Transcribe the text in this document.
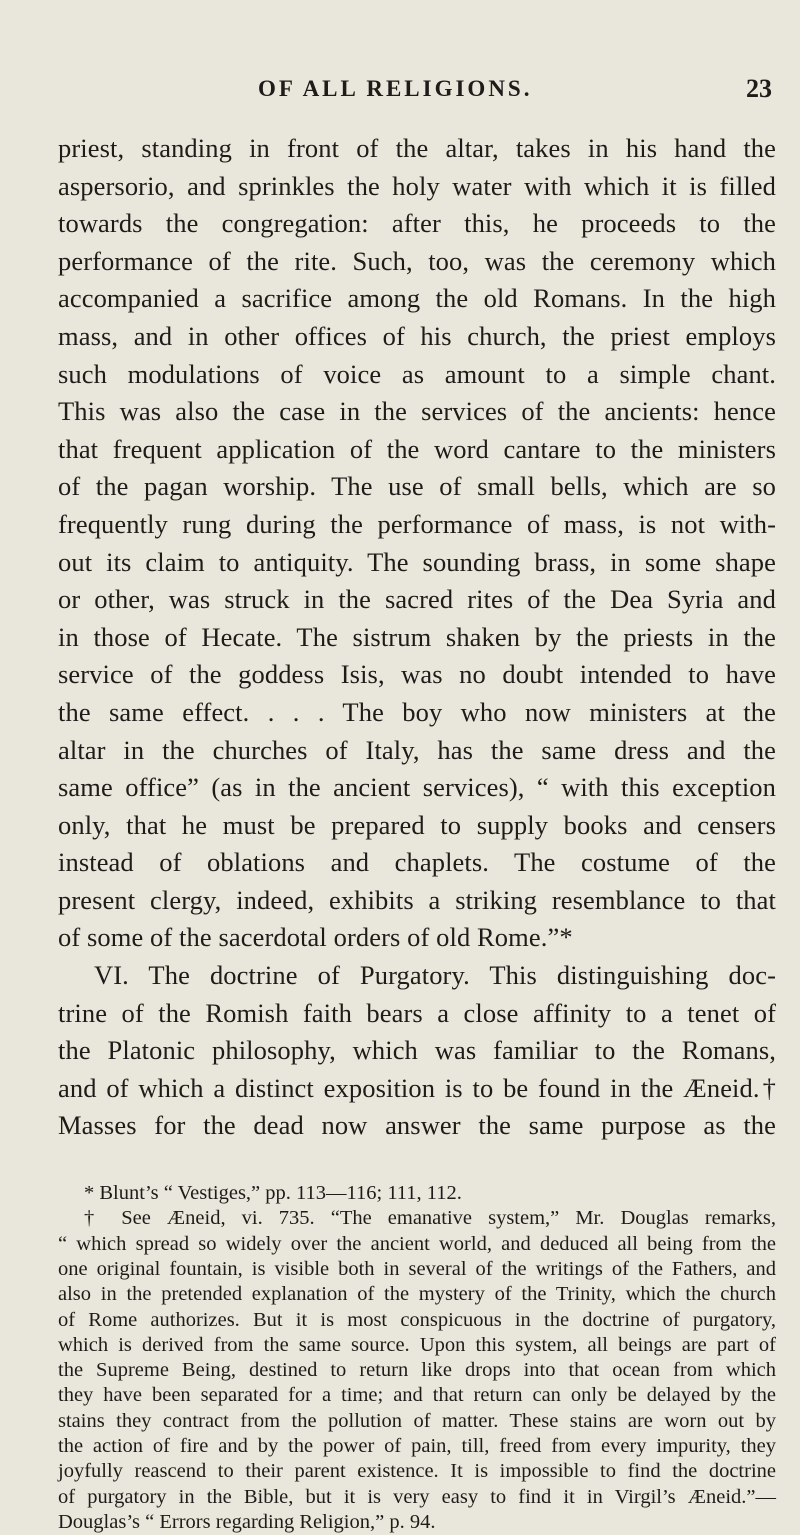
OF ALL RELIGIONS.	23
priest, standing in front of the altar, takes in his hand the
aspersorio, and sprinkles the holy water with which it is filled
towards the congregation: after this, he proceeds to the
performance of the rite. Such, too, was the ceremony which
accompanied a sacrifice among the old Romans. In the high
mass, and in other offices of his church, the priest employs
such modulations of voice as amount to a simple chant.
This was also the case in the services of the ancients: hence
that frequent application of the word cantare to the ministers
of the pagan worship. The use of small bells, which are so
frequently rung during the performance of mass, is not with-
out its claim to antiquity. The sounding brass, in some shape
or other, was struck in the sacred rites of the Dea Syria and
in those of Hecate. The sistrum shaken by the priests in the
service of the goddess Isis, was no doubt intended to have
the same effect. . . . The boy who now ministers at the
altar in the churches of Italy, has the same dress and the
same office” (as in the ancient services), “ with this exception
only, that he must be prepared to supply books and censers
instead of oblations and chaplets. The costume of the
present clergy, indeed, exhibits a striking resemblance to that
of some of the sacerdotal orders of old Rome.”*
VI. The doctrine of Purgatory. This distinguishing doc-
trine of the Romish faith bears a close affinity to a tenet of
the Platonic philosophy, which was familiar to the Romans,
and of which a distinct exposition is to be found in the Æneid.†
Masses for the dead now answer the same purpose as the
* Blunt’s “ Vestiges,” pp. 113—116; 111, 112.
† See Æneid, vi. 735. “The emanative system,” Mr. Douglas remarks,
“ which spread so widely over the ancient world, and deduced all being from the
one original fountain, is visible both in several of the writings of the Fathers, and
also in the pretended explanation of the mystery of the Trinity, which the church
of Rome authorizes. But it is most conspicuous in the doctrine of purgatory,
which is derived from the same source. Upon this system, all beings are part of
the Supreme Being, destined to return like drops into that ocean from which
they have been separated for a time; and that return can only be delayed by the
stains they contract from the pollution of matter. These stains are worn out by
the action of fire and by the power of pain, till, freed from every impurity, they
joyfully reascend to their parent existence. It is impossible to find the doctrine
of purgatory in the Bible, but it is very easy to find it in Virgil’s Æneid.”—
Douglas’s “ Errors regarding Religion,” p. 94.
